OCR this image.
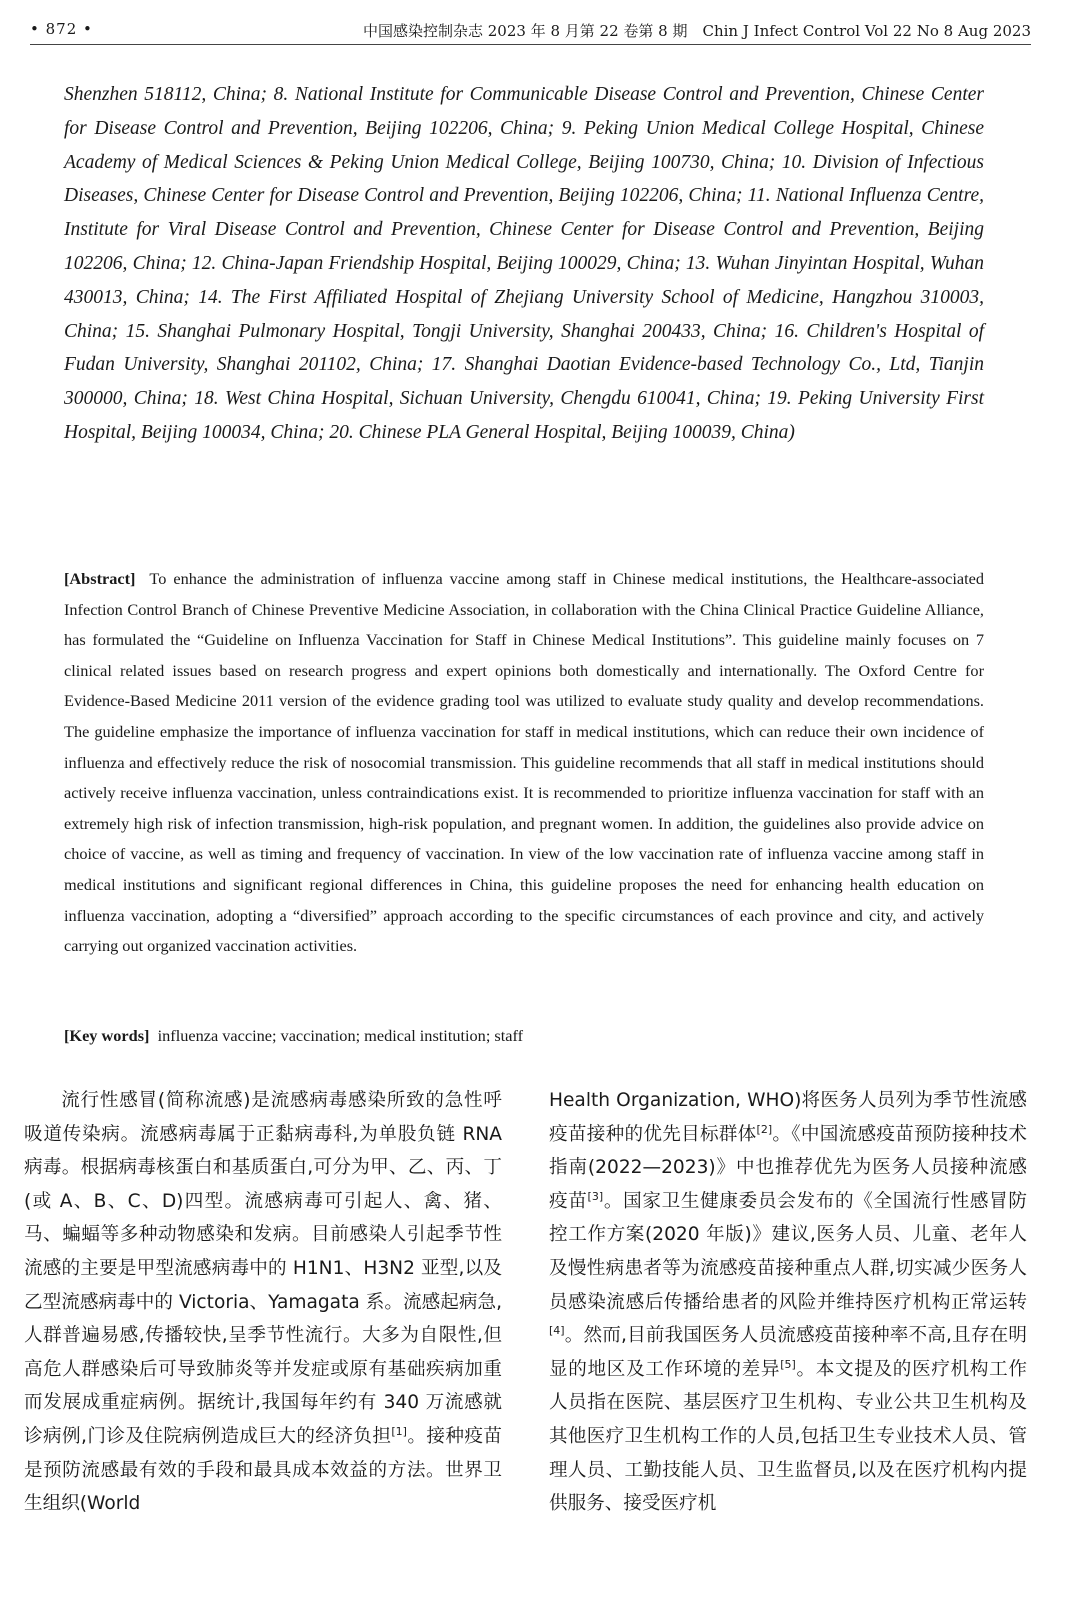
• 872 •	中国感染控制杂志 2023 年 8 月第 22 卷第 8 期　Chin J Infect Control Vol 22 No 8 Aug 2023

Shenzhen 518112, China; 8. National Institute for Communicable Disease Control and Prevention, Chinese Center for Disease Control and Prevention, Beijing 102206, China; 9. Peking Union Medical College Hospital, Chinese Academy of Medical Sciences & Peking Union Medical College, Beijing 100730, China; 10. Division of Infectious Diseases, Chinese Center for Disease Control and Prevention, Beijing 102206, China; 11. National Influenza Centre, Institute for Viral Disease Control and Prevention, Chinese Center for Disease Control and Prevention, Beijing 102206, China; 12. China-Japan Friendship Hospital, Beijing 100029, China; 13. Wuhan Jinyintan Hospital, Wuhan 430013, China; 14. The First Affiliated Hospital of Zhejiang University School of Medicine, Hangzhou 310003, China; 15. Shanghai Pulmonary Hospital, Tongji University, Shanghai 200433, China; 16. Children's Hospital of Fudan University, Shanghai 201102, China; 17. Shanghai Daotian Evidence-based Technology Co., Ltd, Tianjin 300000, China; 18. West China Hospital, Sichuan University, Chengdu 610041, China; 19. Peking University First Hospital, Beijing 100034, China; 20. Chinese PLA General Hospital, Beijing 100039, China)

[Abstract] To enhance the administration of influenza vaccine among staff in Chinese medical institutions, the Healthcare-associated Infection Control Branch of Chinese Preventive Medicine Association, in collaboration with the China Clinical Practice Guideline Alliance, has formulated the “Guideline on Influenza Vaccination for Staff in Chinese Medical Institutions”. This guideline mainly focuses on 7 clinical related issues based on research progress and expert opinions both domestically and internationally. The Oxford Centre for Evidence-Based Medicine 2011 version of the evidence grading tool was utilized to evaluate study quality and develop recommendations. The guideline emphasize the importance of influenza vaccination for staff in medical institutions, which can reduce their own incidence of influenza and effectively reduce the risk of nosocomial transmission. This guideline recommends that all staff in medical institutions should actively receive influenza vaccination, unless contraindications exist. It is recommended to prioritize influenza vaccination for staff with an extremely high risk of infection transmission, high-risk population, and pregnant women. In addition, the guidelines also provide advice on choice of vaccine, as well as timing and frequency of vaccination. In view of the low vaccination rate of influenza vaccine among staff in medical institutions and significant regional differences in China, this guideline proposes the need for enhancing health education on influenza vaccination, adopting a “diversified” approach according to the specific circumstances of each province and city, and actively carrying out organized vaccination activities.

[Key words] influenza vaccine; vaccination; medical institution; staff

流行性感冒(简称流感)是流感病毒感染所致的急性呼吸道传染病。流感病毒属于正黏病毒科,为单股负链 RNA 病毒。根据病毒核蛋白和基质蛋白,可分为甲、乙、丙、丁(或 A、B、C、D)四型。流感病毒可引起人、禽、猪、马、蝙蝠等多种动物感染和发病。目前感染人引起季节性流感的主要是甲型流感病毒中的 H1N1、H3N2 亚型,以及乙型流感病毒中的 Victoria、Yamagata 系。流感起病急,人群普遍易感,传播较快,呈季节性流行。大多为自限性,但高危人群感染后可导致肺炎等并发症或原有基础疾病加重而发展成重症病例。据统计,我国每年约有 340 万流感就诊病例,门诊及住院病例造成巨大的经济负担[1]。接种疫苗是预防流感最有效的手段和最具成本效益的方法。世界卫生组织(World

Health Organization, WHO)将医务人员列为季节性流感疫苗接种的优先目标群体[2]。《中国流感疫苗预防接种技术指南(2022—2023)》中也推荐优先为医务人员接种流感疫苗[3]。国家卫生健康委员会发布的《全国流行性感冒防控工作方案(2020 年版)》建议,医务人员、儿童、老年人及慢性病患者等为流感疫苗接种重点人群,切实减少医务人员感染流感后传播给患者的风险并维持医疗机构正常运转[4]。然而,目前我国医务人员流感疫苗接种率不高,且存在明显的地区及工作环境的差异[5]。本文提及的医疗机构工作人员指在医院、基层医疗卫生机构、专业公共卫生机构及其他医疗卫生机构工作的人员,包括卫生专业技术人员、管理人员、工勤技能人员、卫生监督员,以及在医疗机构内提供服务、接受医疗机
